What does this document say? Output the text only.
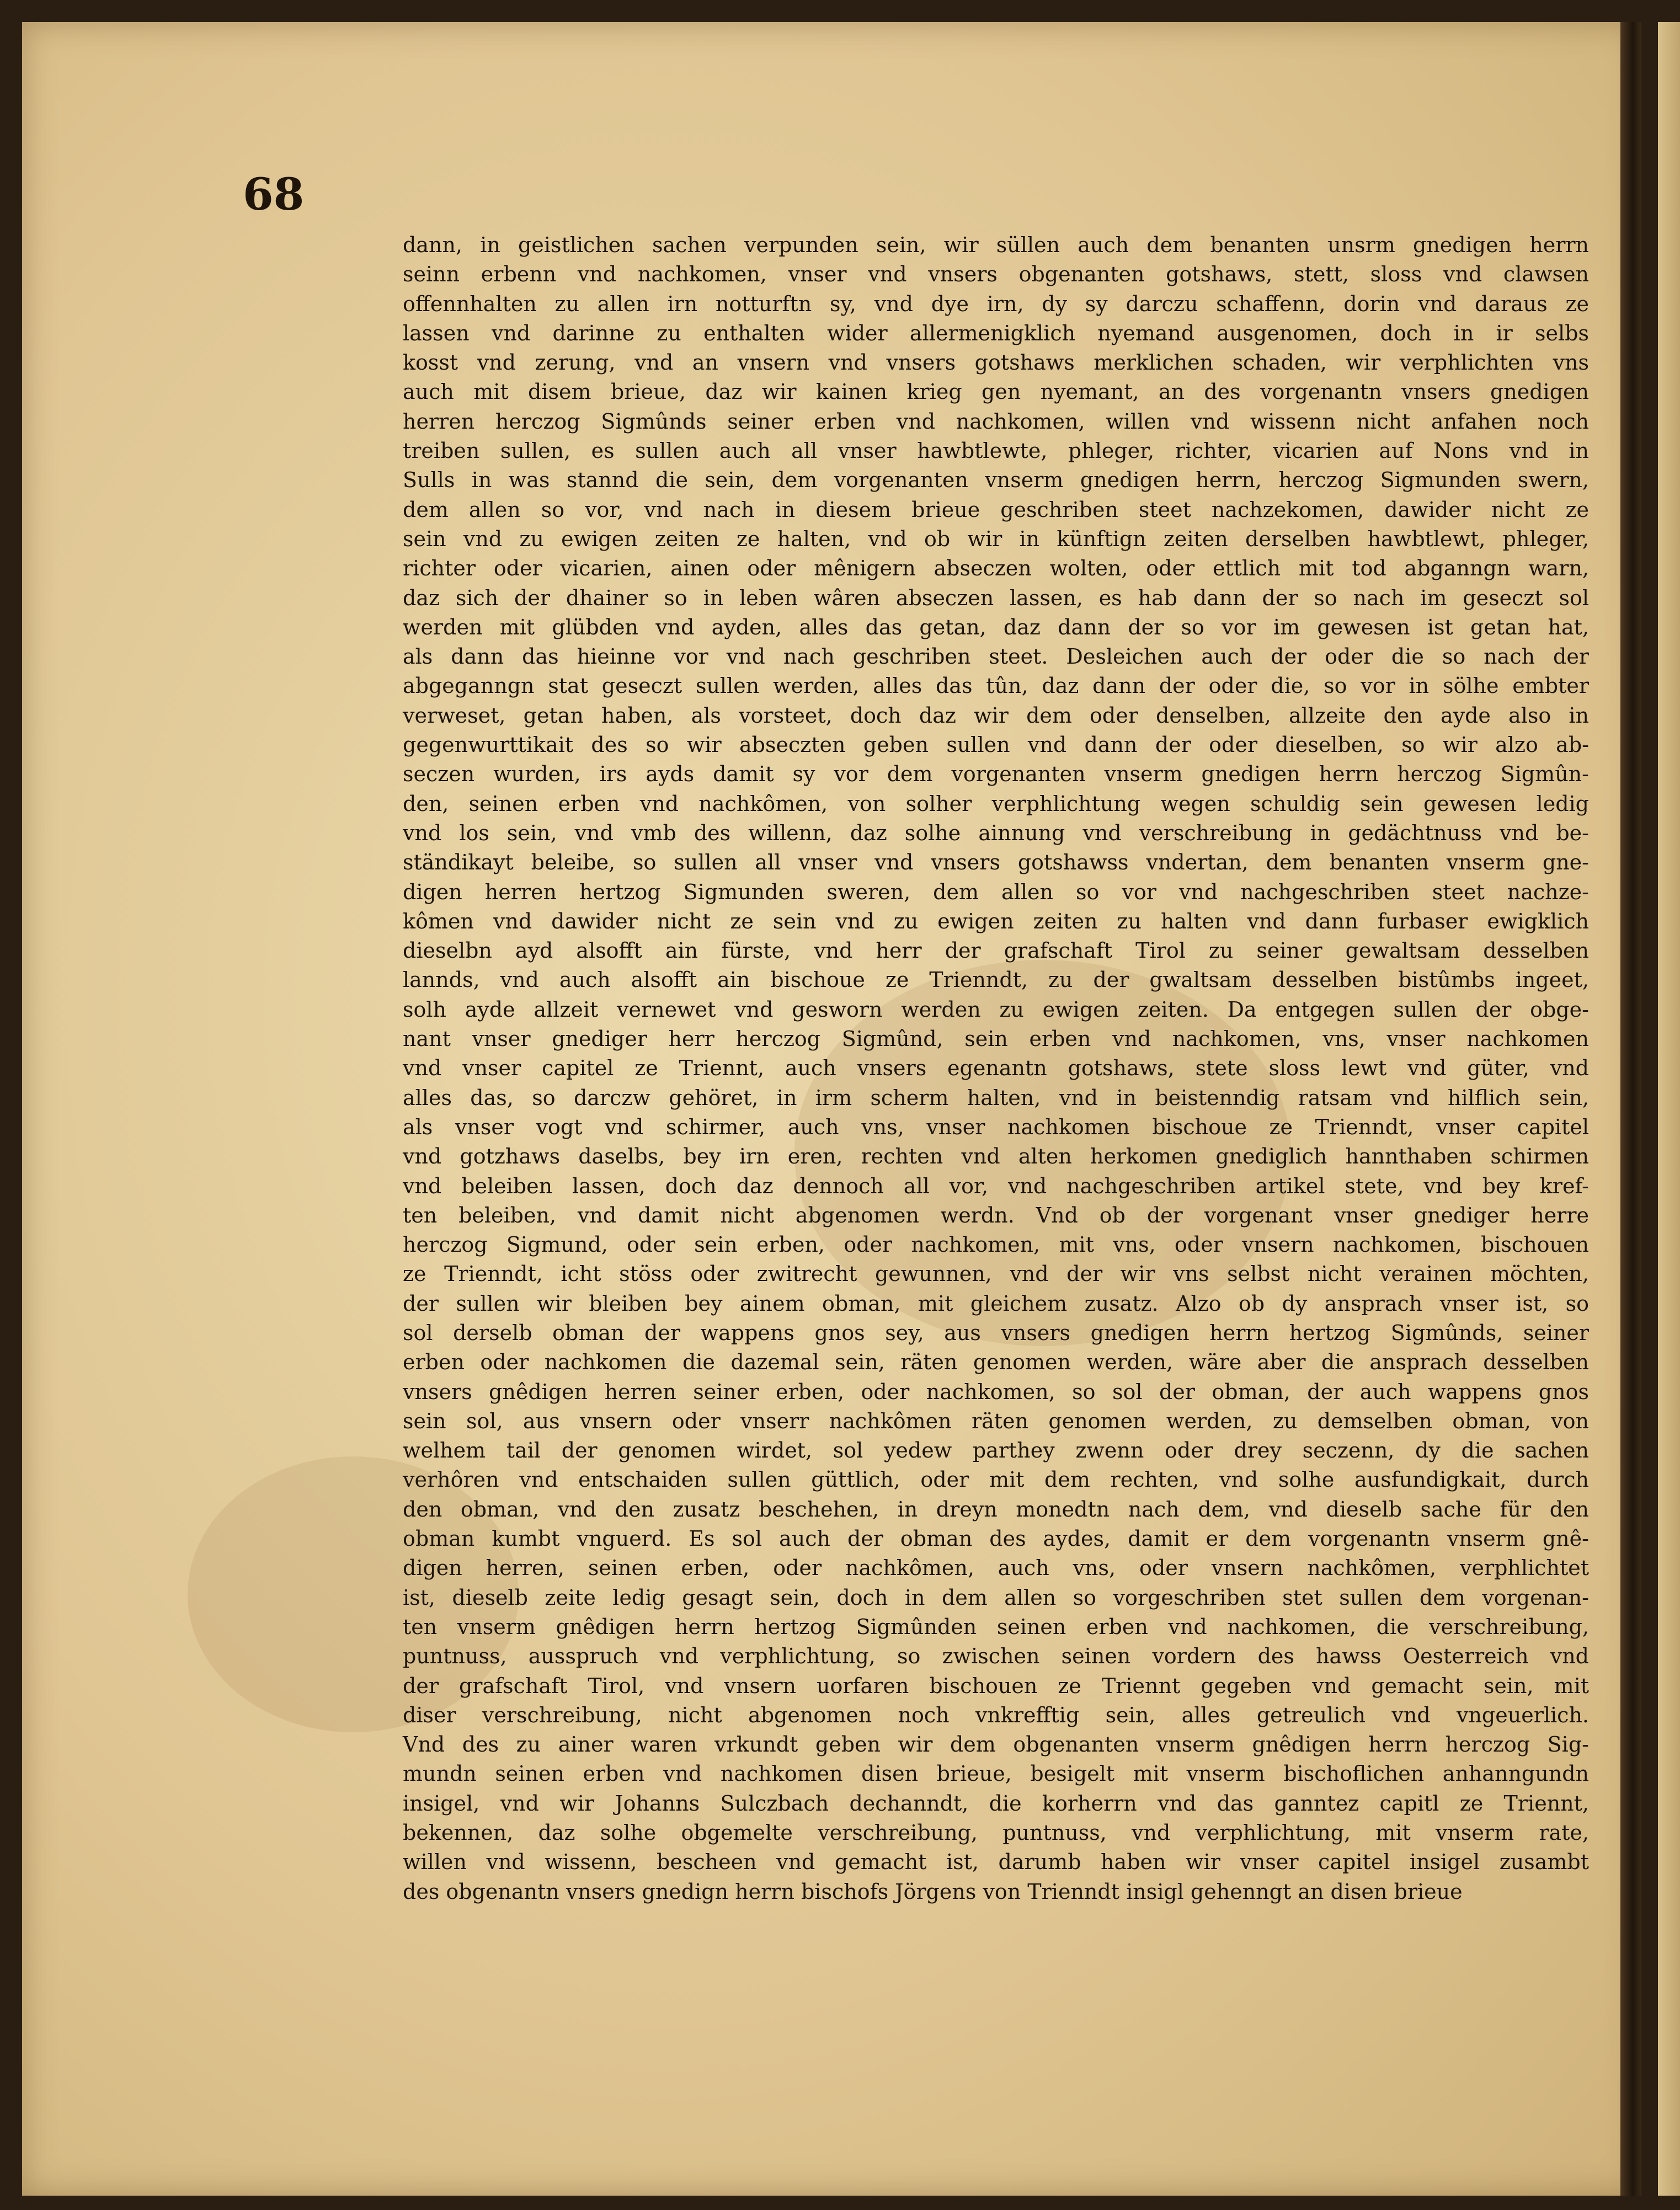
68
dann, in geistlichen sachen verpunden sein, wir süllen auch dem benanten unsrm gnedigen herrn
seinn erbenn vnd nachkomen, vnser vnd vnsers obgenanten gotshaws, stett, sloss vnd clawsen
offennhalten zu allen irn notturftn sy, vnd dye irn, dy sy darczu schaffenn, dorin vnd daraus ze
lassen vnd darinne zu enthalten wider allermenigklich nyemand ausgenomen, doch in ir selbs
kosst vnd zerung, vnd an vnsern vnd vnsers gotshaws merklichen schaden, wir verphlichten vns
auch mit disem brieue, daz wir kainen krieg gen nyemant, an des vorgenantn vnsers gnedigen
herren herczog Sigmûnds seiner erben vnd nachkomen, willen vnd wissenn nicht anfahen noch
treiben sullen, es sullen auch all vnser hawbtlewte, phleger, richter, vicarien auf Nons vnd in
Sulls in was stannd die sein, dem vorgenanten vnserm gnedigen herrn, herczog Sigmunden swern,
dem allen so vor, vnd nach in diesem brieue geschriben steet nachzekomen, dawider nicht ze
sein vnd zu ewigen zeiten ze halten, vnd ob wir in künftign zeiten derselben hawbtlewt, phleger,
richter oder vicarien, ainen oder mênigern abseczen wolten, oder ettlich mit tod abganngn warn,
daz sich der dhainer so in leben wâren abseczen lassen, es hab dann der so nach im geseczt sol
werden mit glübden vnd ayden, alles das getan, daz dann der so vor im gewesen ist getan hat,
als dann das hieinne vor vnd nach geschriben steet. Desleichen auch der oder die so nach der
abgeganngn stat geseczt sullen werden, alles das tûn, daz dann der oder die, so vor in sölhe embter
verweset, getan haben, als vorsteet, doch daz wir dem oder denselben, allzeite den ayde also in
gegenwurttikait des so wir abseczten geben sullen vnd dann der oder dieselben, so wir alzo ab-
seczen wurden, irs ayds damit sy vor dem vorgenanten vnserm gnedigen herrn herczog Sigmûn-
den, seinen erben vnd nachkômen, von solher verphlichtung wegen schuldig sein gewesen ledig
vnd los sein, vnd vmb des willenn, daz solhe ainnung vnd verschreibung in gedächtnuss vnd be-
ständikayt beleibe, so sullen all vnser vnd vnsers gotshawss vndertan, dem benanten vnserm gne-
digen herren hertzog Sigmunden sweren, dem allen so vor vnd nachgeschriben steet nachze-
kômen vnd dawider nicht ze sein vnd zu ewigen zeiten zu halten vnd dann furbaser ewigklich
dieselbn ayd alsofft ain fürste, vnd herr der grafschaft Tirol zu seiner gewaltsam desselben
lannds, vnd auch alsofft ain bischoue ze Trienndt, zu der gwaltsam desselben bistûmbs ingeet,
solh ayde allzeit vernewet vnd gesworn werden zu ewigen zeiten. Da entgegen sullen der obge-
nant vnser gnediger herr herczog Sigmûnd, sein erben vnd nachkomen, vns, vnser nachkomen
vnd vnser capitel ze Triennt, auch vnsers egenantn gotshaws, stete sloss lewt vnd güter, vnd
alles das, so darczw gehöret, in irm scherm halten, vnd in beistenndig ratsam vnd hilflich sein,
als vnser vogt vnd schirmer, auch vns, vnser nachkomen bischoue ze Trienndt, vnser capitel
vnd gotzhaws daselbs, bey irn eren, rechten vnd alten herkomen gnediglich hannthaben schirmen
vnd beleiben lassen, doch daz dennoch all vor, vnd nachgeschriben artikel stete, vnd bey kref-
ten beleiben, vnd damit nicht abgenomen werdn. Vnd ob der vorgenant vnser gnediger herre
herczog Sigmund, oder sein erben, oder nachkomen, mit vns, oder vnsern nachkomen, bischouen
ze Trienndt, icht stöss oder zwitrecht gewunnen, vnd der wir vns selbst nicht verainen möchten,
der sullen wir bleiben bey ainem obman, mit gleichem zusatz. Alzo ob dy ansprach vnser ist, so
sol derselb obman der wappens gnos sey, aus vnsers gnedigen herrn hertzog Sigmûnds, seiner
erben oder nachkomen die dazemal sein, räten genomen werden, wäre aber die ansprach desselben
vnsers gnêdigen herren seiner erben, oder nachkomen, so sol der obman, der auch wappens gnos
sein sol, aus vnsern oder vnserr nachkômen räten genomen werden, zu demselben obman, von
welhem tail der genomen wirdet, sol yedew parthey zwenn oder drey seczenn, dy die sachen
verhôren vnd entschaiden sullen güttlich, oder mit dem rechten, vnd solhe ausfundigkait, durch
den obman, vnd den zusatz beschehen, in dreyn monedtn nach dem, vnd dieselb sache für den
obman kumbt vnguerd. Es sol auch der obman des aydes, damit er dem vorgenantn vnserm gnê-
digen herren, seinen erben, oder nachkômen, auch vns, oder vnsern nachkômen, verphlichtet
ist, dieselb zeite ledig gesagt sein, doch in dem allen so vorgeschriben stet sullen dem vorgenan-
ten vnserm gnêdigen herrn hertzog Sigmûnden seinen erben vnd nachkomen, die verschreibung,
puntnuss, ausspruch vnd verphlichtung, so zwischen seinen vordern des hawss Oesterreich vnd
der grafschaft Tirol, vnd vnsern uorfaren bischouen ze Triennt gegeben vnd gemacht sein, mit
diser verschreibung, nicht abgenomen noch vnkrefftig sein, alles getreulich vnd vngeuerlich.
Vnd des zu ainer waren vrkundt geben wir dem obgenanten vnserm gnêdigen herrn herczog Sig-
mundn seinen erben vnd nachkomen disen brieue, besigelt mit vnserm bischoflichen anhanngundn
insigel, vnd wir Johanns Sulczbach dechanndt, die korherrn vnd das ganntez capitl ze Triennt,
bekennen, daz solhe obgemelte verschreibung, puntnuss, vnd verphlichtung, mit vnserm rate,
willen vnd wissenn, bescheen vnd gemacht ist, darumb haben wir vnser capitel insigel zusambt
des obgenantn vnsers gnedign herrn bischofs Jörgens von Trienndt insigl gehenngt an disen brieue
